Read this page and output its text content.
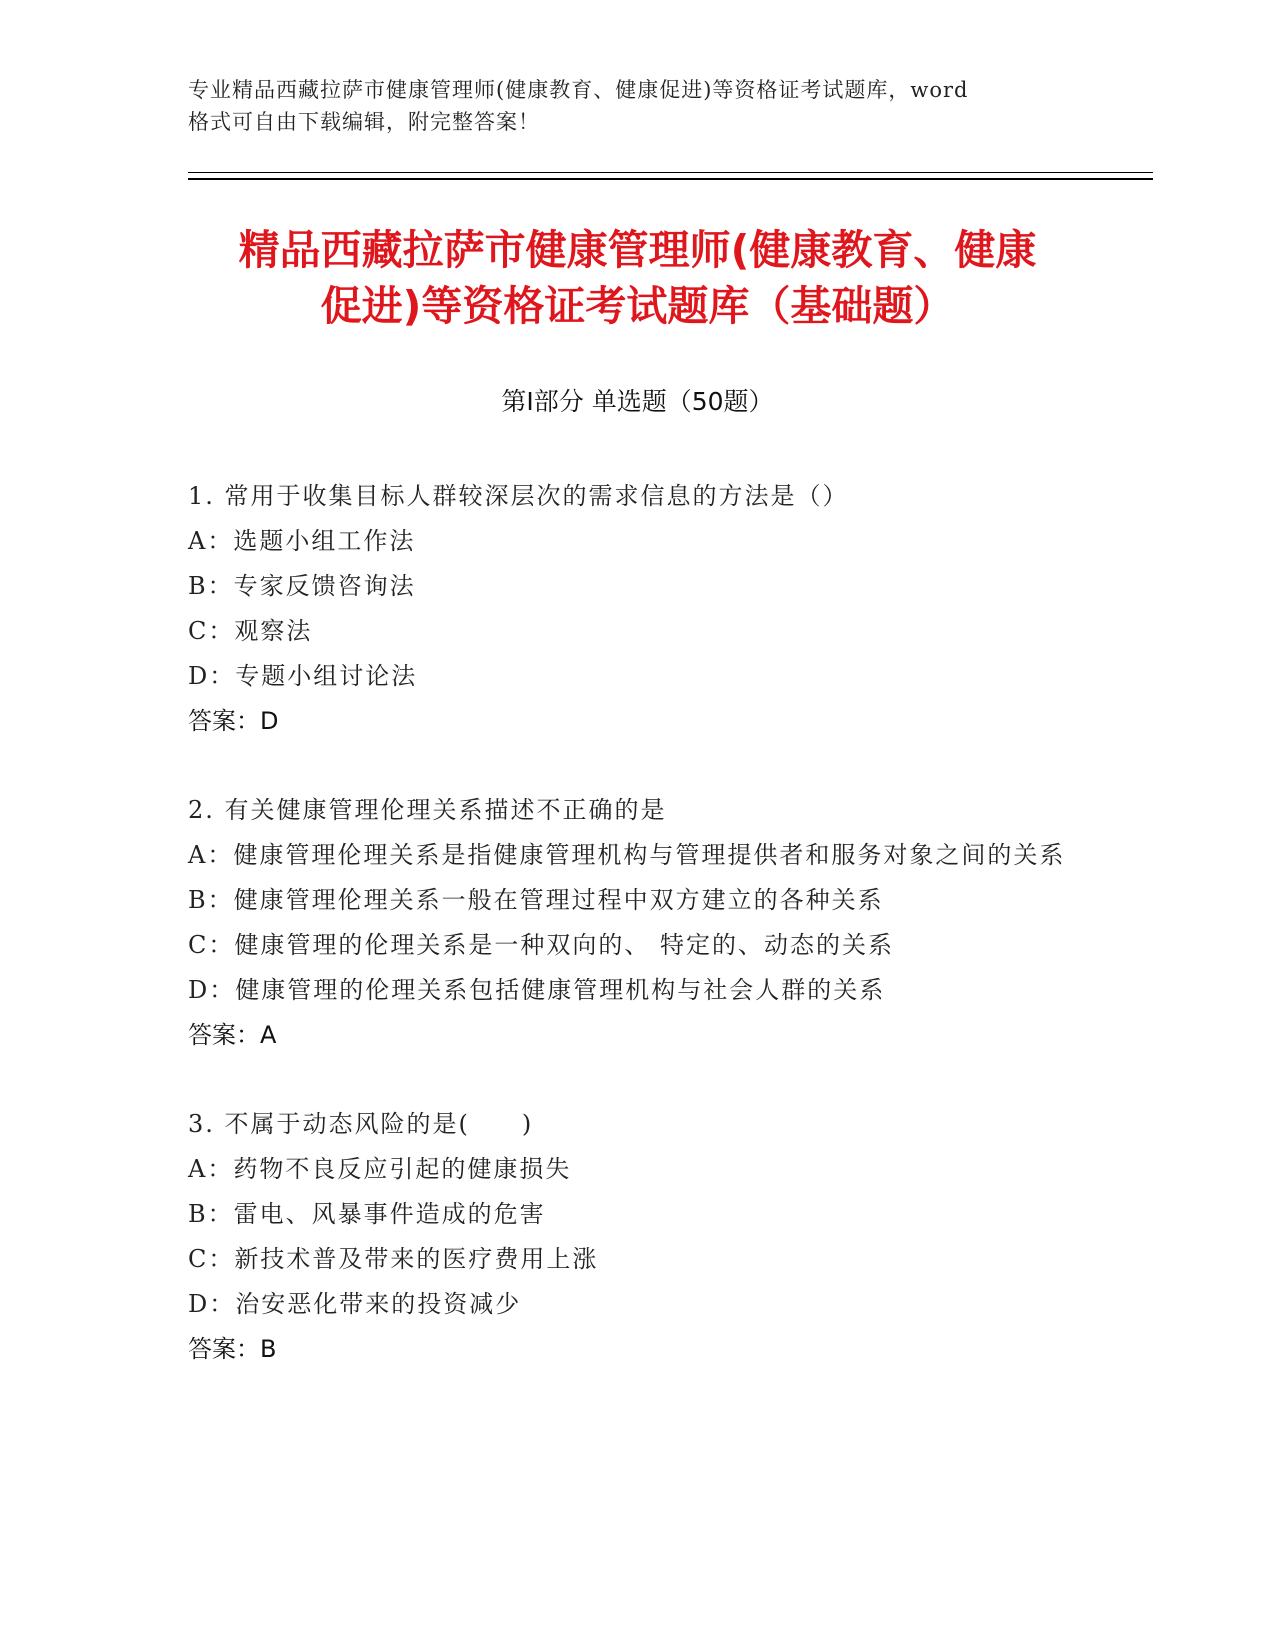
专业精品西藏拉萨市健康管理师(健康教育、健康促进)等资格证考试题库，word
格式可自由下载编辑，附完整答案！
精品西藏拉萨市健康管理师(健康教育、健康
促进)等资格证考试题库（基础题）
第Ⅰ部分 单选题（50题）
1. 常用于收集目标人群较深层次的需求信息的方法是（）
A： 选题小组工作法
B： 专家反馈咨询法
C： 观察法
D： 专题小组讨论法
答案：D
2. 有关健康管理伦理关系描述不正确的是
A： 健康管理伦理关系是指健康管理机构与管理提供者和服务对象之间的关系
B： 健康管理伦理关系一般在管理过程中双方建立的各种关系
C： 健康管理的伦理关系是一种双向的、 特定的、动态的关系
D： 健康管理的伦理关系包括健康管理机构与社会人群的关系
答案：A
3. 不属于动态风险的是(　　)
A： 药物不良反应引起的健康损失
B： 雷电、风暴事件造成的危害
C： 新技术普及带来的医疗费用上涨
D： 治安恶化带来的投资减少
答案：B
